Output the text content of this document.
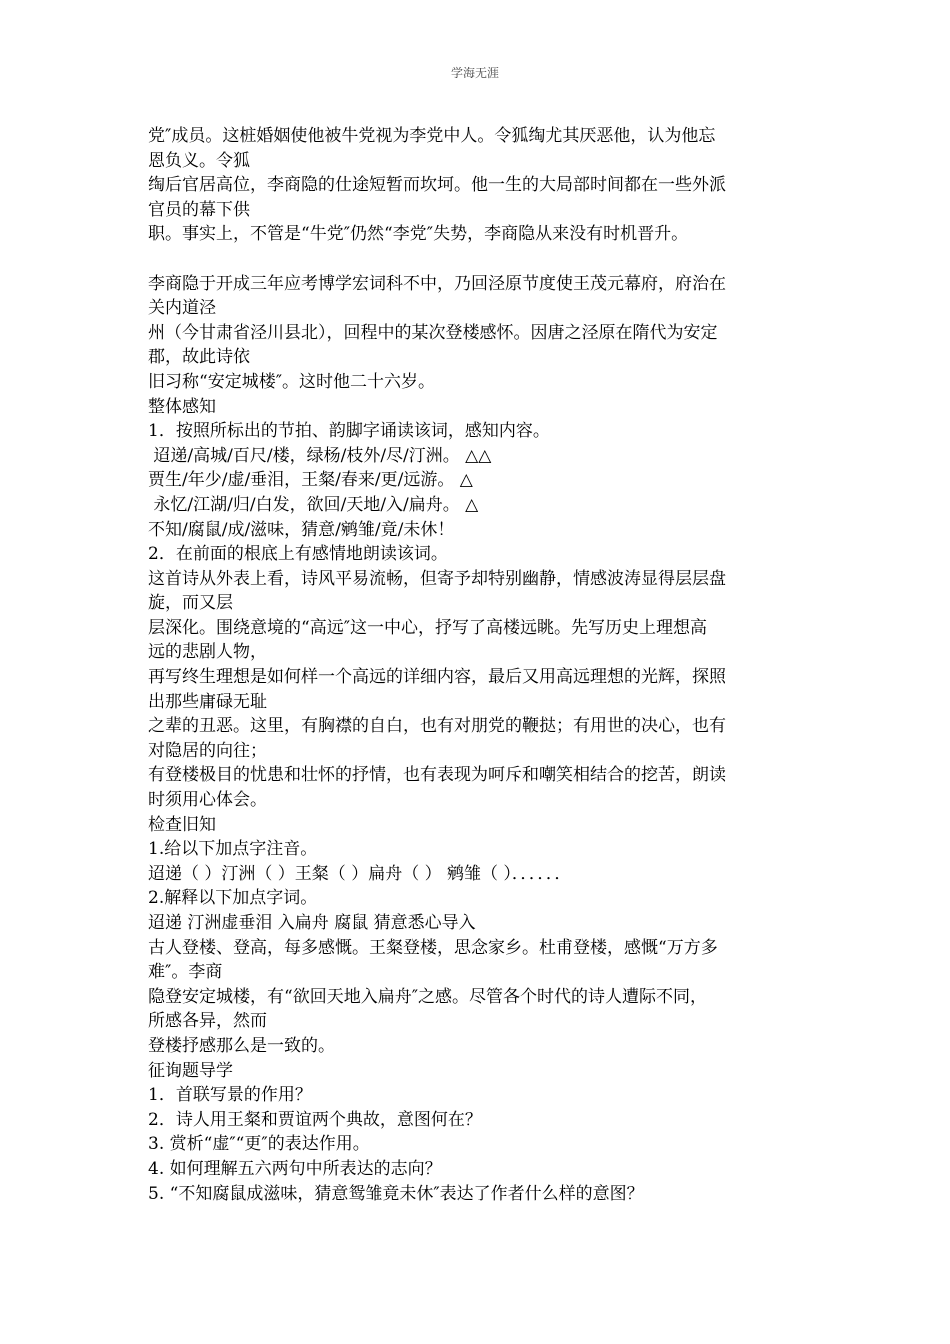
学海无涯
党″成员。这桩婚姻使他被牛党视为李党中人。令狐绹尤其厌恶他，认为他忘
恩负义。令狐
绹后官居高位，李商隐的仕途短暂而坎坷。他一生的大局部时间都在一些外派
官员的幕下供
职。事实上，不管是“牛党″仍然“李党″失势，李商隐从来没有时机晋升。
李商隐于开成三年应考博学宏词科不中，乃回泾原节度使王茂元幕府，府治在
关内道泾
州（今甘肃省泾川县北），回程中的某次登楼感怀。因唐之泾原在隋代为安定
郡，故此诗依
旧习称“安定城楼″。这时他二十六岁。
整体感知
1．按照所标出的节拍、韵脚字诵读该词，感知内容。
迢递/高城/百尺/楼，绿杨/枝外/尽/汀洲。 △△
贾生/年少/虚/垂泪，王粲/春来/更/远游。 △
永忆/江湖/归/白发，欲回/天地/入/扁舟。 △
不知/腐鼠/成/滋味，猜意/鹓雏/竟/未休！
2．在前面的根底上有感情地朗读该词。
这首诗从外表上看，诗风平易流畅，但寄予却特别幽静，情感波涛显得层层盘
旋，而又层
层深化。围绕意境的“高远″这一中心，抒写了高楼远眺。先写历史上理想高
远的悲剧人物，
再写终生理想是如何样一个高远的详细内容，最后又用高远理想的光辉，探照
出那些庸碌无耻
之辈的丑恶。这里，有胸襟的自白，也有对朋党的鞭挞；有用世的决心，也有
对隐居的向往；
有登楼极目的忧患和壮怀的抒情，也有表现为呵斥和嘲笑相结合的挖苦，朗读
时须用心体会。
检查旧知
1.给以下加点字注音。
迢递（ ）汀洲（ ）王粲（ ）扁舟（ ） 鹓雏（ ）．．．．．．
2.解释以下加点字词。
迢递 汀洲虚垂泪 入扁舟 腐鼠 猜意悉心导入
古人登楼、登高，每多感慨。王粲登楼，思念家乡。杜甫登楼，感慨“万方多
难″。李商
隐登安定城楼，有“欲回天地入扁舟″之感。尽管各个时代的诗人遭际不同，
所感各异，然而
登楼抒感那么是一致的。
征询题导学
1．首联写景的作用？
2．诗人用王粲和贾谊两个典故，意图何在？
3. 赏析“虚″“更″的表达作用。
4. 如何理解五六两句中所表达的志向？
5. “不知腐鼠成滋味，猜意鸳雏竟未休″表达了作者什么样的意图？
